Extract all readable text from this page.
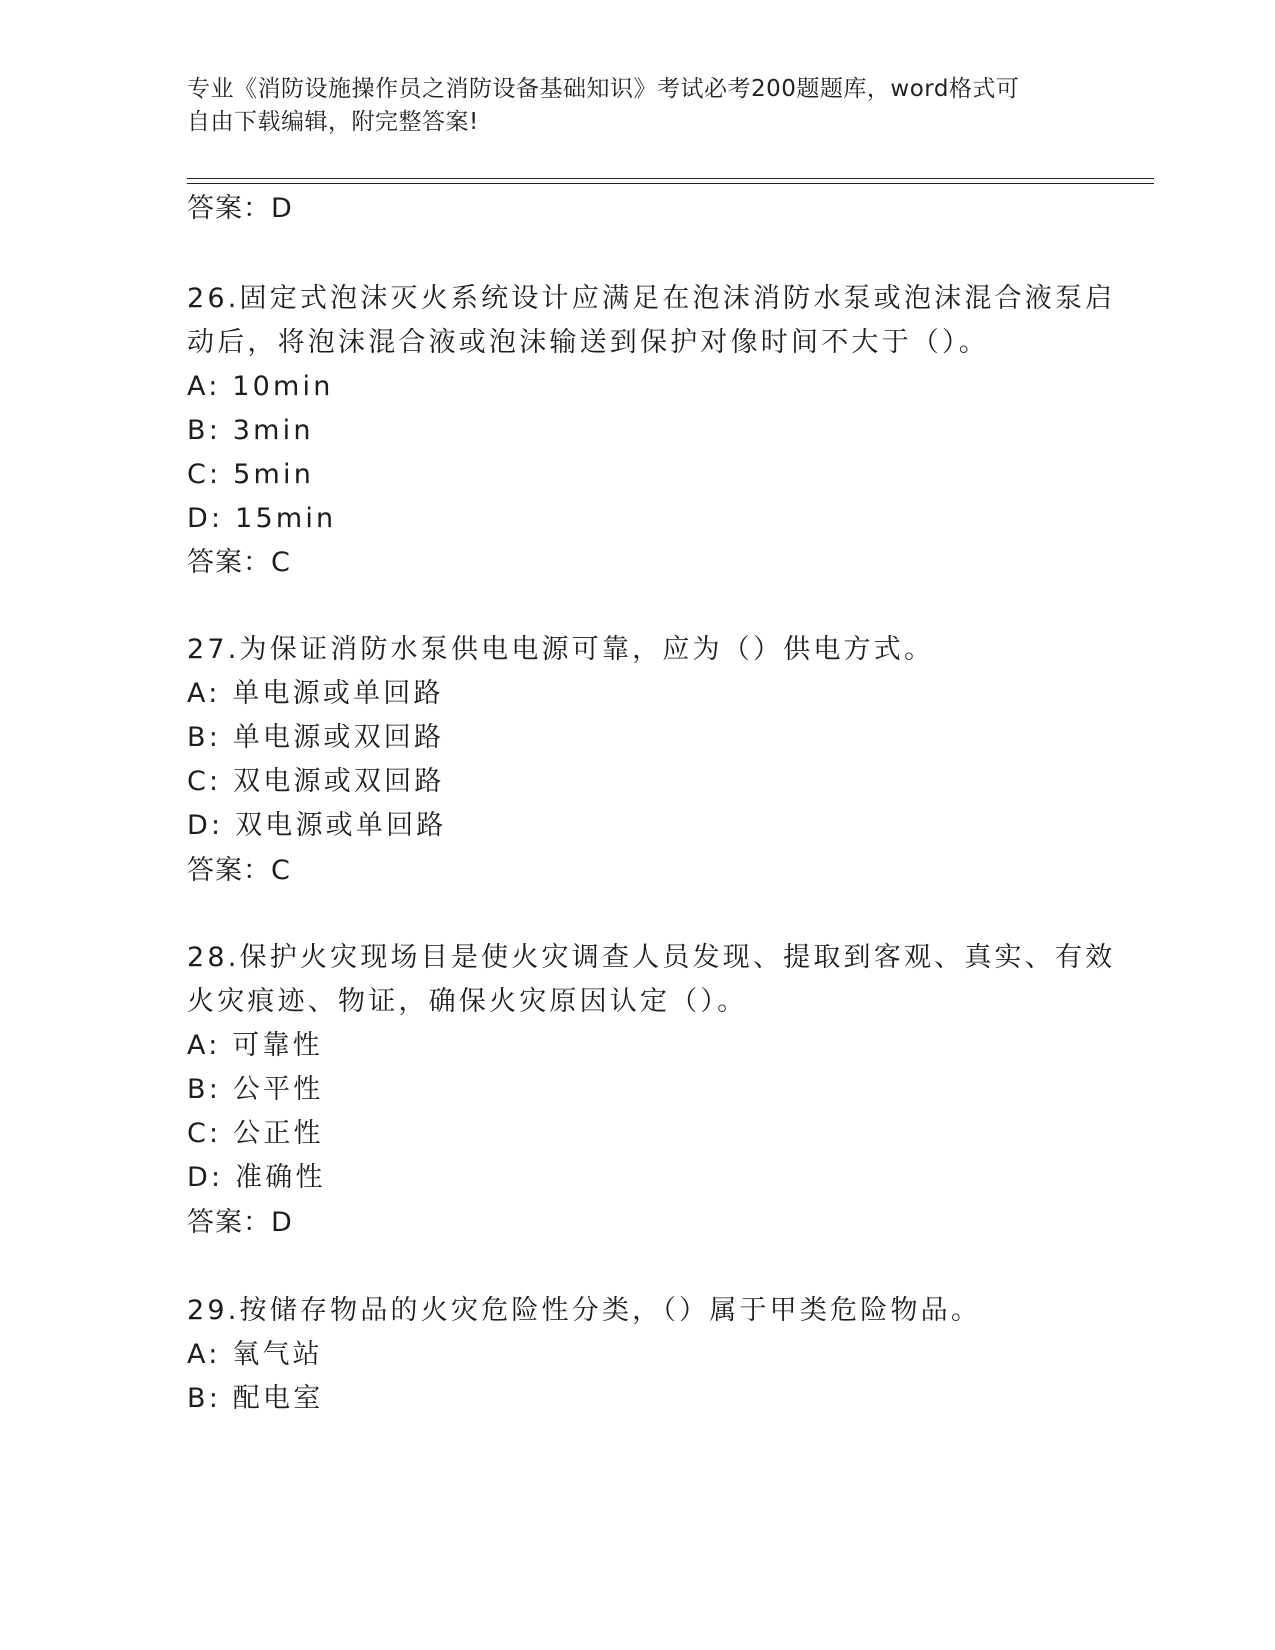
专业《消防设施操作员之消防设备基础知识》考试必考200题题库，word格式可
自由下载编辑，附完整答案!
答案：D
26.固定式泡沫灭火系统设计应满足在泡沫消防水泵或泡沫混合液泵启
动后，将泡沫混合液或泡沫输送到保护对像时间不大于（）。
A: 10min
B: 3min
C: 5min
D: 15min
答案：C
27.为保证消防水泵供电电源可靠，应为（）供电方式。
A: 单电源或单回路
B: 单电源或双回路
C: 双电源或双回路
D: 双电源或单回路
答案：C
28.保护火灾现场目是使火灾调查人员发现、提取到客观、真实、有效
火灾痕迹、物证，确保火灾原因认定（）。
A: 可靠性
B: 公平性
C: 公正性
D: 准确性
答案：D
29.按储存物品的火灾危险性分类，（）属于甲类危险物品。
A: 氧气站
B: 配电室
